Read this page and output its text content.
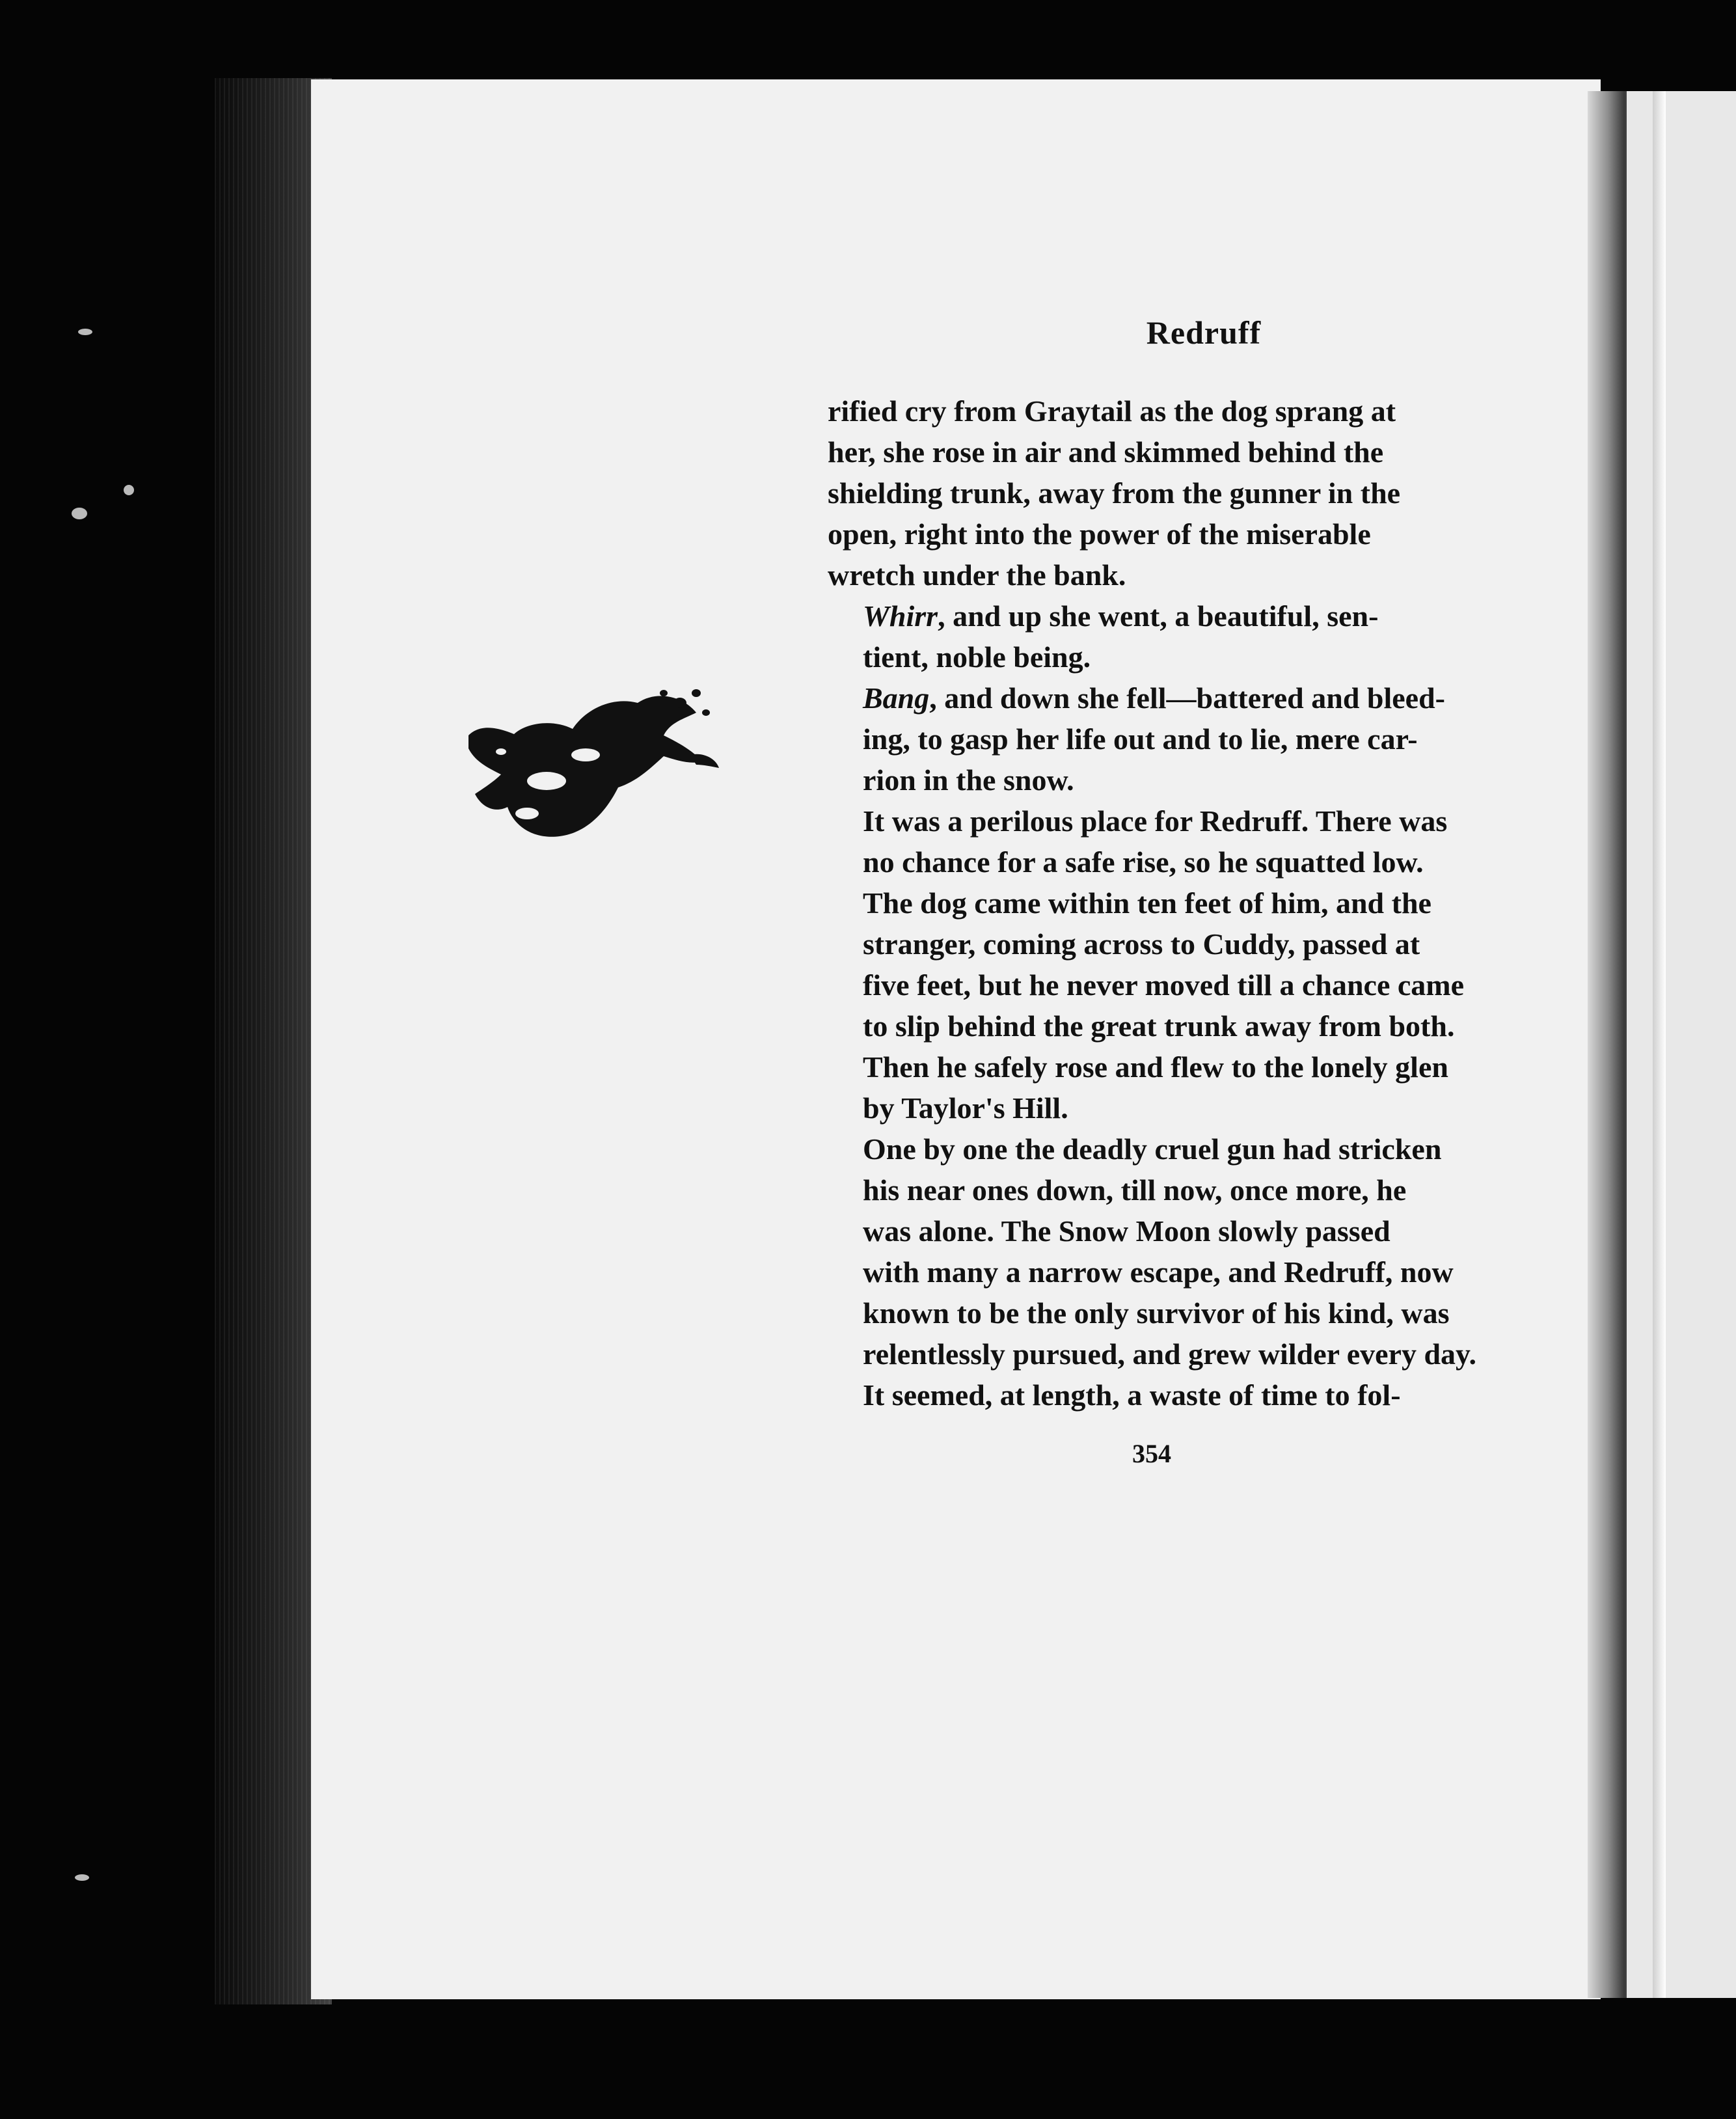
Redruff
rified cry from Graytail as the dog sprang at
her, she rose in air and skimmed behind the
shielding trunk, away from the gunner in the
open, right into the power of the miserable
wretch under the bank.
Whirr, and up she went, a beautiful, sen-
tient, noble being.
Bang, and down she fell—battered and bleed-
ing, to gasp her life out and to lie, mere car-
rion in the snow.
It was a perilous place for Redruff. There was
no chance for a safe rise, so he squatted low.
The dog came within ten feet of him, and the
stranger, coming across to Cuddy, passed at
five feet, but he never moved till a chance came
to slip behind the great trunk away from both.
Then he safely rose and flew to the lonely glen
by Taylor's Hill.
One by one the deadly cruel gun had stricken
his near ones down, till now, once more, he
was alone. The Snow Moon slowly passed
with many a narrow escape, and Redruff, now
known to be the only survivor of his kind, was
relentlessly pursued, and grew wilder every day.
It seemed, at length, a waste of time to fol-
354
